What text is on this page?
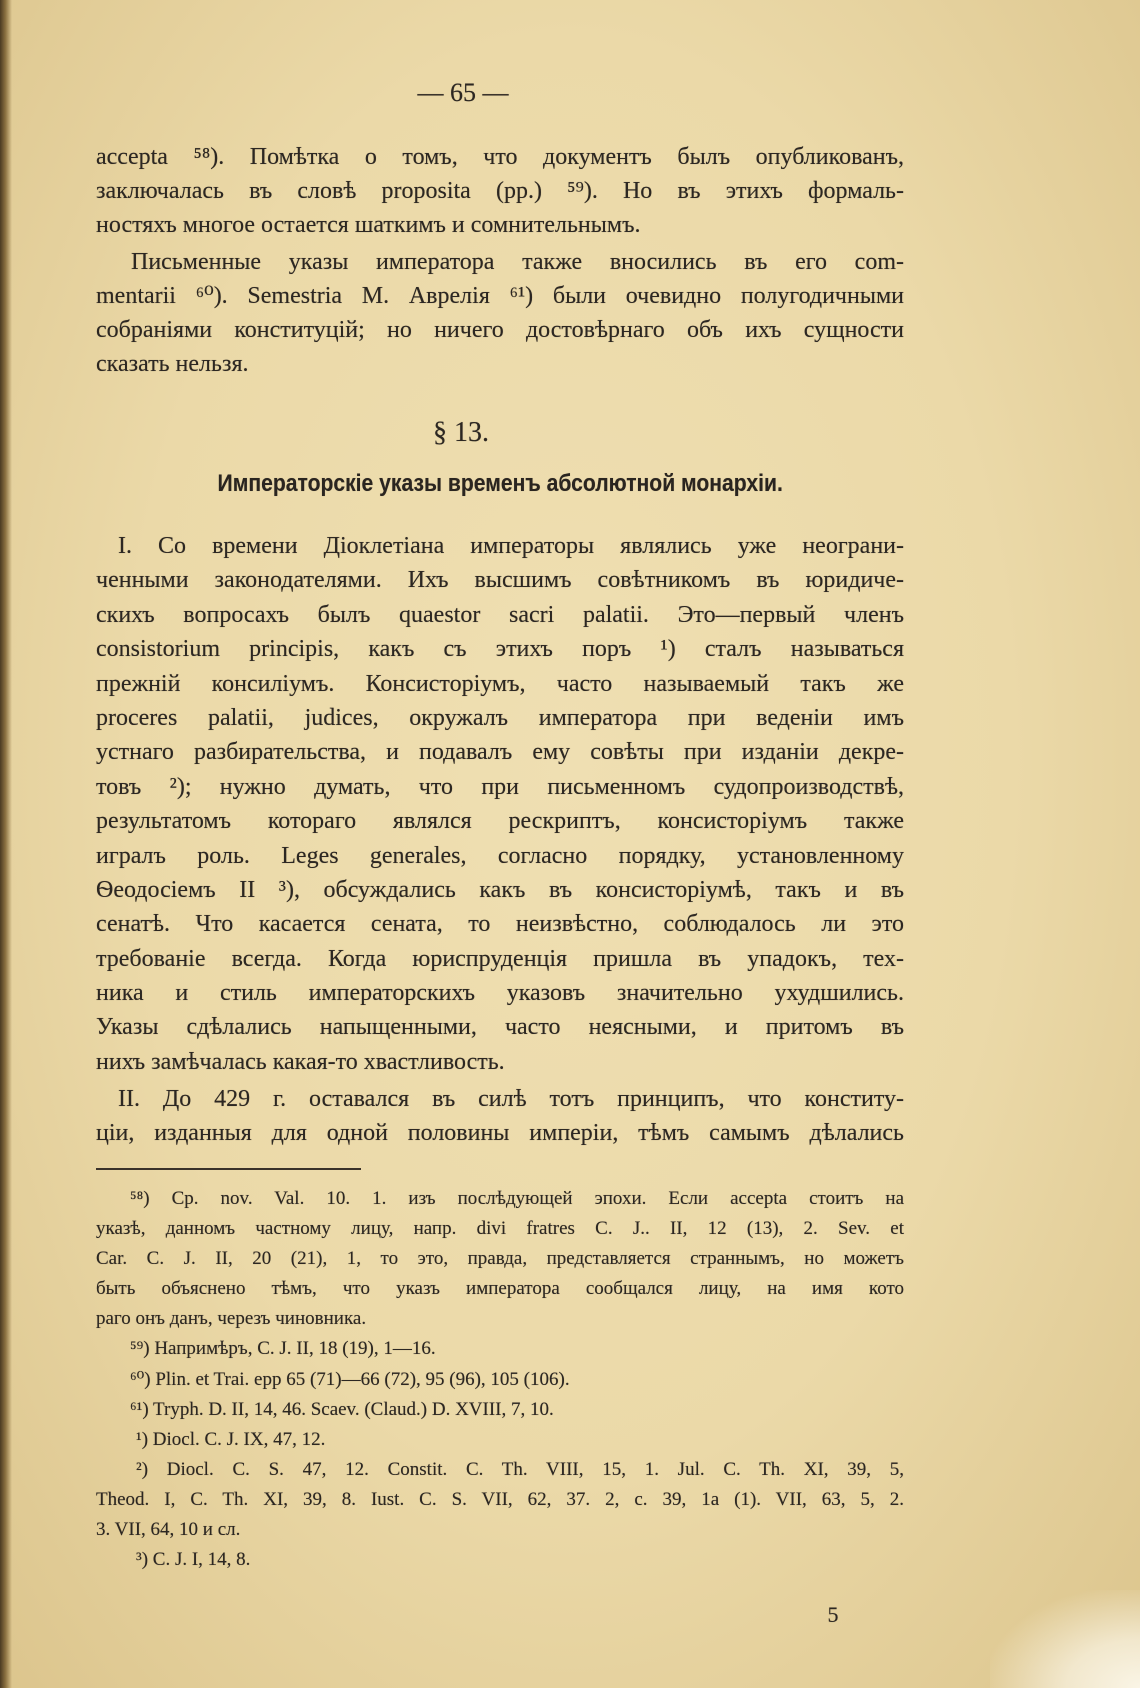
— 65 —
accepta ⁵⁸). Помѣтка о томъ, что документъ былъ опубликованъ,
заключалась въ словѣ proposita (pp.) ⁵⁹). Но въ этихъ формаль-
ностяхъ многое остается шаткимъ и сомнительнымъ.
Письменные указы императора также вносились въ его com-
mentarii ⁶⁰). Semestria M. Аврелія ⁶¹) были очевидно полугодичными
собраніями конституцій; но ничего достовѣрнаго объ ихъ сущности
сказать нельзя.
§ 13.
Императорскіе указы временъ абсолютной монархіи.
I. Со времени Діоклетіана императоры являлись уже неограни-
ченными законодателями. Ихъ высшимъ совѣтникомъ въ юридиче-
скихъ вопросахъ былъ quaestor sacri palatii. Это—первый членъ
consistorium principis, какъ съ этихъ поръ ¹) сталъ называться
прежній консиліумъ. Консисторіумъ, часто называемый такъ же
proceres palatii, judices, окружалъ императора при веденіи имъ
устнаго разбирательства, и подавалъ ему совѣты при изданіи декре-
товъ ²); нужно думать, что при письменномъ судопроизводствѣ,
результатомъ котораго являлся рескриптъ, консисторіумъ также
игралъ роль. Leges generales, согласно порядку, установленному
Ѳеодосіемъ II ³), обсуждались какъ въ консисторіумѣ, такъ и въ
сенатѣ. Что касается сената, то неизвѣстно, соблюдалось ли это
требованіе всегда. Когда юриспруденція пришла въ упадокъ, тех-
ника и стиль императорскихъ указовъ значительно ухудшились.
Указы сдѣлались напыщенными, часто неясными, и притомъ въ
нихъ замѣчалась какая-то хвастливость.
II. До 429 г. оставался въ силѣ тотъ принципъ, что конститу-
ціи, изданныя для одной половины имперіи, тѣмъ самымъ дѣлались
⁵⁸) Ср. nov. Val. 10. 1. изъ послѣдующей эпохи. Если accepta стоитъ на
указѣ, данномъ частному лицу, напр. divi fratres C. J.. II, 12 (13), 2. Sev. et
Car. C. J. II, 20 (21), 1, то это, правда, представляется страннымъ, но можетъ
быть объяснено тѣмъ, что указъ императора сообщался лицу, на имя кото
раго онъ данъ, черезъ чиновника.
⁵⁹) Напримѣръ, C. J. II, 18 (19), 1—16.
⁶⁰) Plin. et Trai. epp 65 (71)—66 (72), 95 (96), 105 (106).
⁶¹) Tryph. D. II, 14, 46. Scaev. (Claud.) D. XVIII, 7, 10.
¹) Diocl. C. J. IX, 47, 12.
²) Diocl. C. S. 47, 12. Constit. C. Th. VIII, 15, 1. Jul. C. Th. XI, 39, 5,
Theod. I, C. Th. XI, 39, 8. Iust. C. S. VII, 62, 37. 2, c. 39, 1a (1). VII, 63, 5, 2.
3. VII, 64, 10 и сл.
³) C. J. I, 14, 8.
5
